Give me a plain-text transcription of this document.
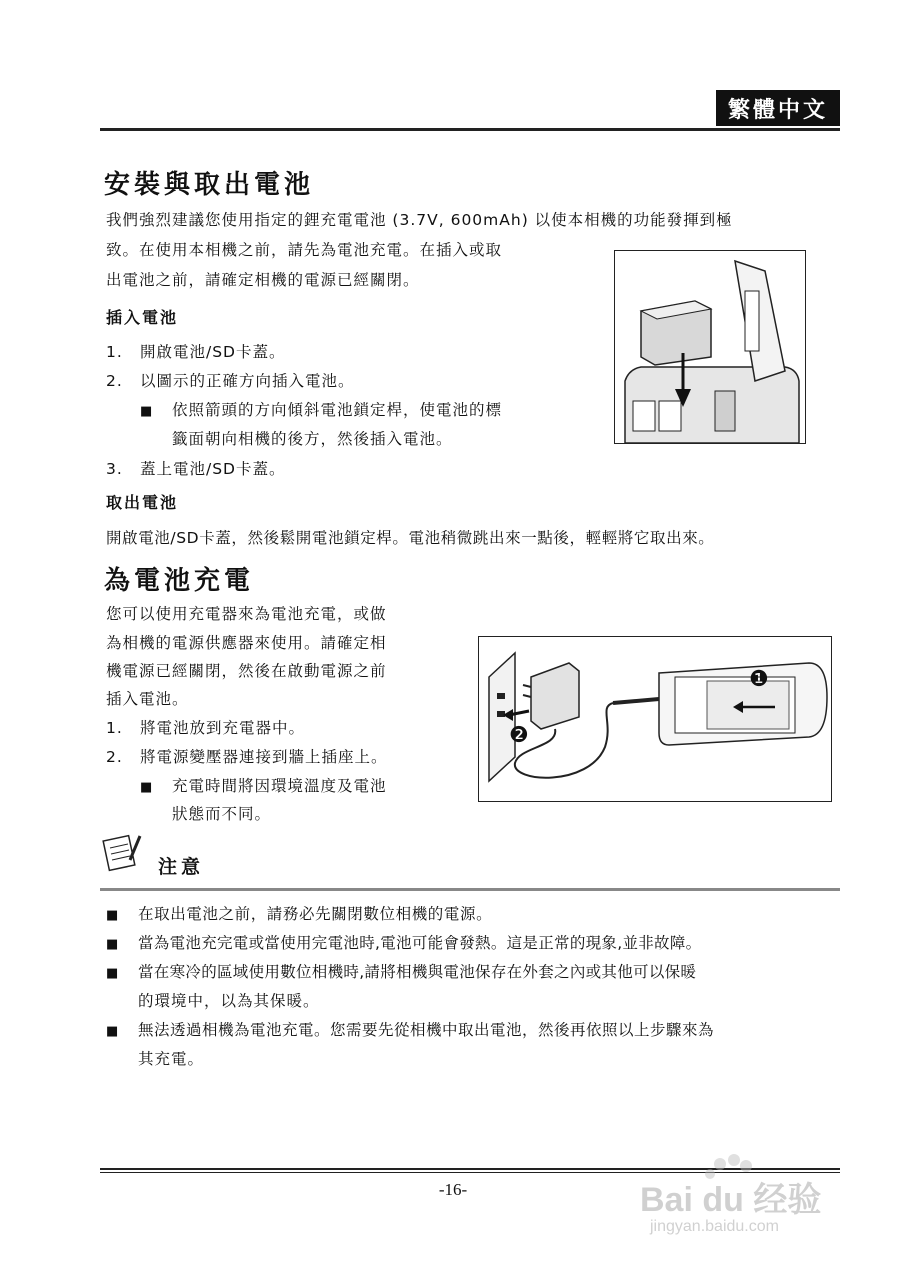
繁體中文
安裝與取出電池
我們強烈建議您使用指定的鋰充電電池 (3.7V, 600mAh) 以使本相機的功能發揮到極
致。在使用本相機之前，請先為電池充電。在插入或取
出電池之前，請確定相機的電源已經關閉。
插入電池
1. 開啟電池/SD卡蓋。
2. 以圖示的正確方向插入電池。
■ 依照箭頭的方向傾斜電池鎖定桿，使電池的標
籤面朝向相機的後方，然後插入電池。
3. 蓋上電池/SD卡蓋。
取出電池
開啟電池/SD卡蓋，然後鬆開電池鎖定桿。電池稍微跳出來一點後，輕輕將它取出來。
為電池充電
您可以使用充電器來為電池充電，或做
為相機的電源供應器來使用。請確定相
機電源已經關閉，然後在啟動電源之前
插入電池。
1. 將電池放到充電器中。
2. 將電源變壓器連接到牆上插座上。
■ 充電時間將因環境溫度及電池
狀態而不同。
❶
❷
注意
■ 在取出電池之前，請務必先關閉數位相機的電源。
■ 當為電池充完電或當使用完電池時,電池可能會發熱。這是正常的現象,並非故障。
■ 當在寒冷的區域使用數位相機時,請將相機與電池保存在外套之內或其他可以保暖
的環境中，以為其保暖。
■ 無法透過相機為電池充電。您需要先從相機中取出電池，然後再依照以上步驟來為
其充電。
-16-	Bai du 经验
jingyan.baidu.com
